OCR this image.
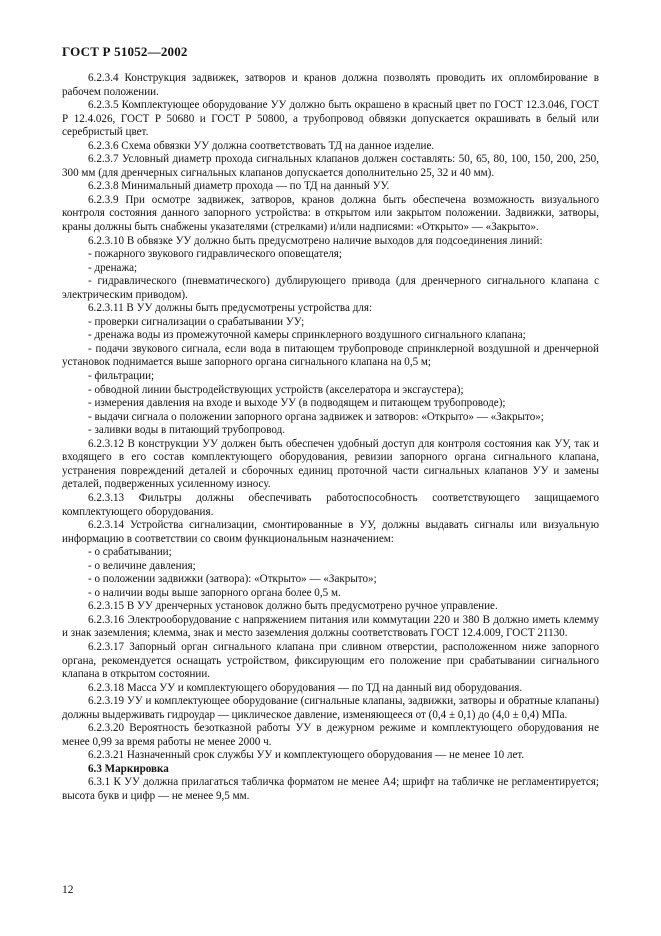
ГОСТ Р 51052—2002

6.2.3.4 Конструкция задвижек, затворов и кранов должна позволять проводить их опломбирование в рабочем положении.

6.2.3.5 Комплектующее оборудование УУ должно быть окрашено в красный цвет по ГОСТ 12.3.046, ГОСТ Р 12.4.026, ГОСТ Р 50680 и ГОСТ Р 50800, а трубопровод обвязки допускается окрашивать в белый или серебристый цвет.

6.2.3.6 Схема обвязки УУ должна соответствовать ТД на данное изделие.

6.2.3.7 Условный диаметр прохода сигнальных клапанов должен составлять: 50, 65, 80, 100, 150, 200, 250, 300 мм (для дренчерных сигнальных клапанов допускается дополнительно 25, 32 и 40 мм).

6.2.3.8 Минимальный диаметр прохода — по ТД на данный УУ.

6.2.3.9 При осмотре задвижек, затворов, кранов должна быть обеспечена возможность визуального контроля состояния данного запорного устройства: в открытом или закрытом положении. Задвижки, затворы, краны должны быть снабжены указателями (стрелками) и/или надписями: «Открыто» — «Закрыто».

6.2.3.10 В обвязке УУ должно быть предусмотрено наличие выходов для подсоединения линий:

- пожарного звукового гидравлического оповещателя;

- дренажа;

- гидравлического (пневматического) дублирующего привода (для дренчерного сигнального клапана с электрическим приводом).

6.2.3.11 В УУ должны быть предусмотрены устройства для:

- проверки сигнализации о срабатывании УУ;

- дренажа воды из промежуточной камеры спринклерного воздушного сигнального клапана;

- подачи звукового сигнала, если вода в питающем трубопроводе спринклерной воздушной и дренчерной установок поднимается выше запорного органа сигнального клапана на 0,5 м;

- фильтрации;

- обводной линии быстродействующих устройств (акселератора и эксгаустера);

- измерения давления на входе и выходе УУ (в подводящем и питающем трубопроводе);

- выдачи сигнала о положении запорного органа задвижек и затворов: «Открыто» — «Закрыто»;

- заливки воды в питающий трубопровод.

6.2.3.12 В конструкции УУ должен быть обеспечен удобный доступ для контроля состояния как УУ, так и входящего в его состав комплектующего оборудования, ревизии запорного органа сигнального клапана, устранения повреждений деталей и сборочных единиц проточной части сигнальных клапанов УУ и замены деталей, подверженных усиленному износу.

6.2.3.13 Фильтры должны обеспечивать работоспособность соответствующего защищаемого комплектующего оборудования.

6.2.3.14 Устройства сигнализации, смонтированные в УУ, должны выдавать сигналы или визуальную информацию в соответствии со своим функциональным назначением:

- о срабатывании;

- о величине давления;

- о положении задвижки (затвора): «Открыто» — «Закрыто»;

- о наличии воды выше запорного органа более 0,5 м.

6.2.3.15 В УУ дренчерных установок должно быть предусмотрено ручное управление.

6.2.3.16 Электрооборудование с напряжением питания или коммутации 220 и 380 В должно иметь клемму и знак заземления; клемма, знак и место заземления должны соответствовать ГОСТ 12.4.009, ГОСТ 21130.

6.2.3.17 Запорный орган сигнального клапана при сливном отверстии, расположенном ниже запорного органа, рекомендуется оснащать устройством, фиксирующим его положение при срабатывании сигнального клапана в открытом состоянии.

6.2.3.18 Масса УУ и комплектующего оборудования — по ТД на данный вид оборудования.

6.2.3.19 УУ и комплектующее оборудование (сигнальные клапаны, задвижки, затворы и обратные клапаны) должны выдерживать гидроудар — циклическое давление, изменяющееся от (0,4 ± 0,1) до (4,0 ± 0,4) МПа.

6.2.3.20 Вероятность безотказной работы УУ в дежурном режиме и комплектующего оборудования не менее 0,99 за время работы не менее 2000 ч.

6.2.3.21 Назначенный срок службы УУ и комплектующего оборудования — не менее 10 лет.

6.3 Маркировка

6.3.1 К УУ должна прилагаться табличка форматом не менее А4; шрифт на табличке не регламентируется; высота букв и цифр — не менее 9,5 мм.

12
